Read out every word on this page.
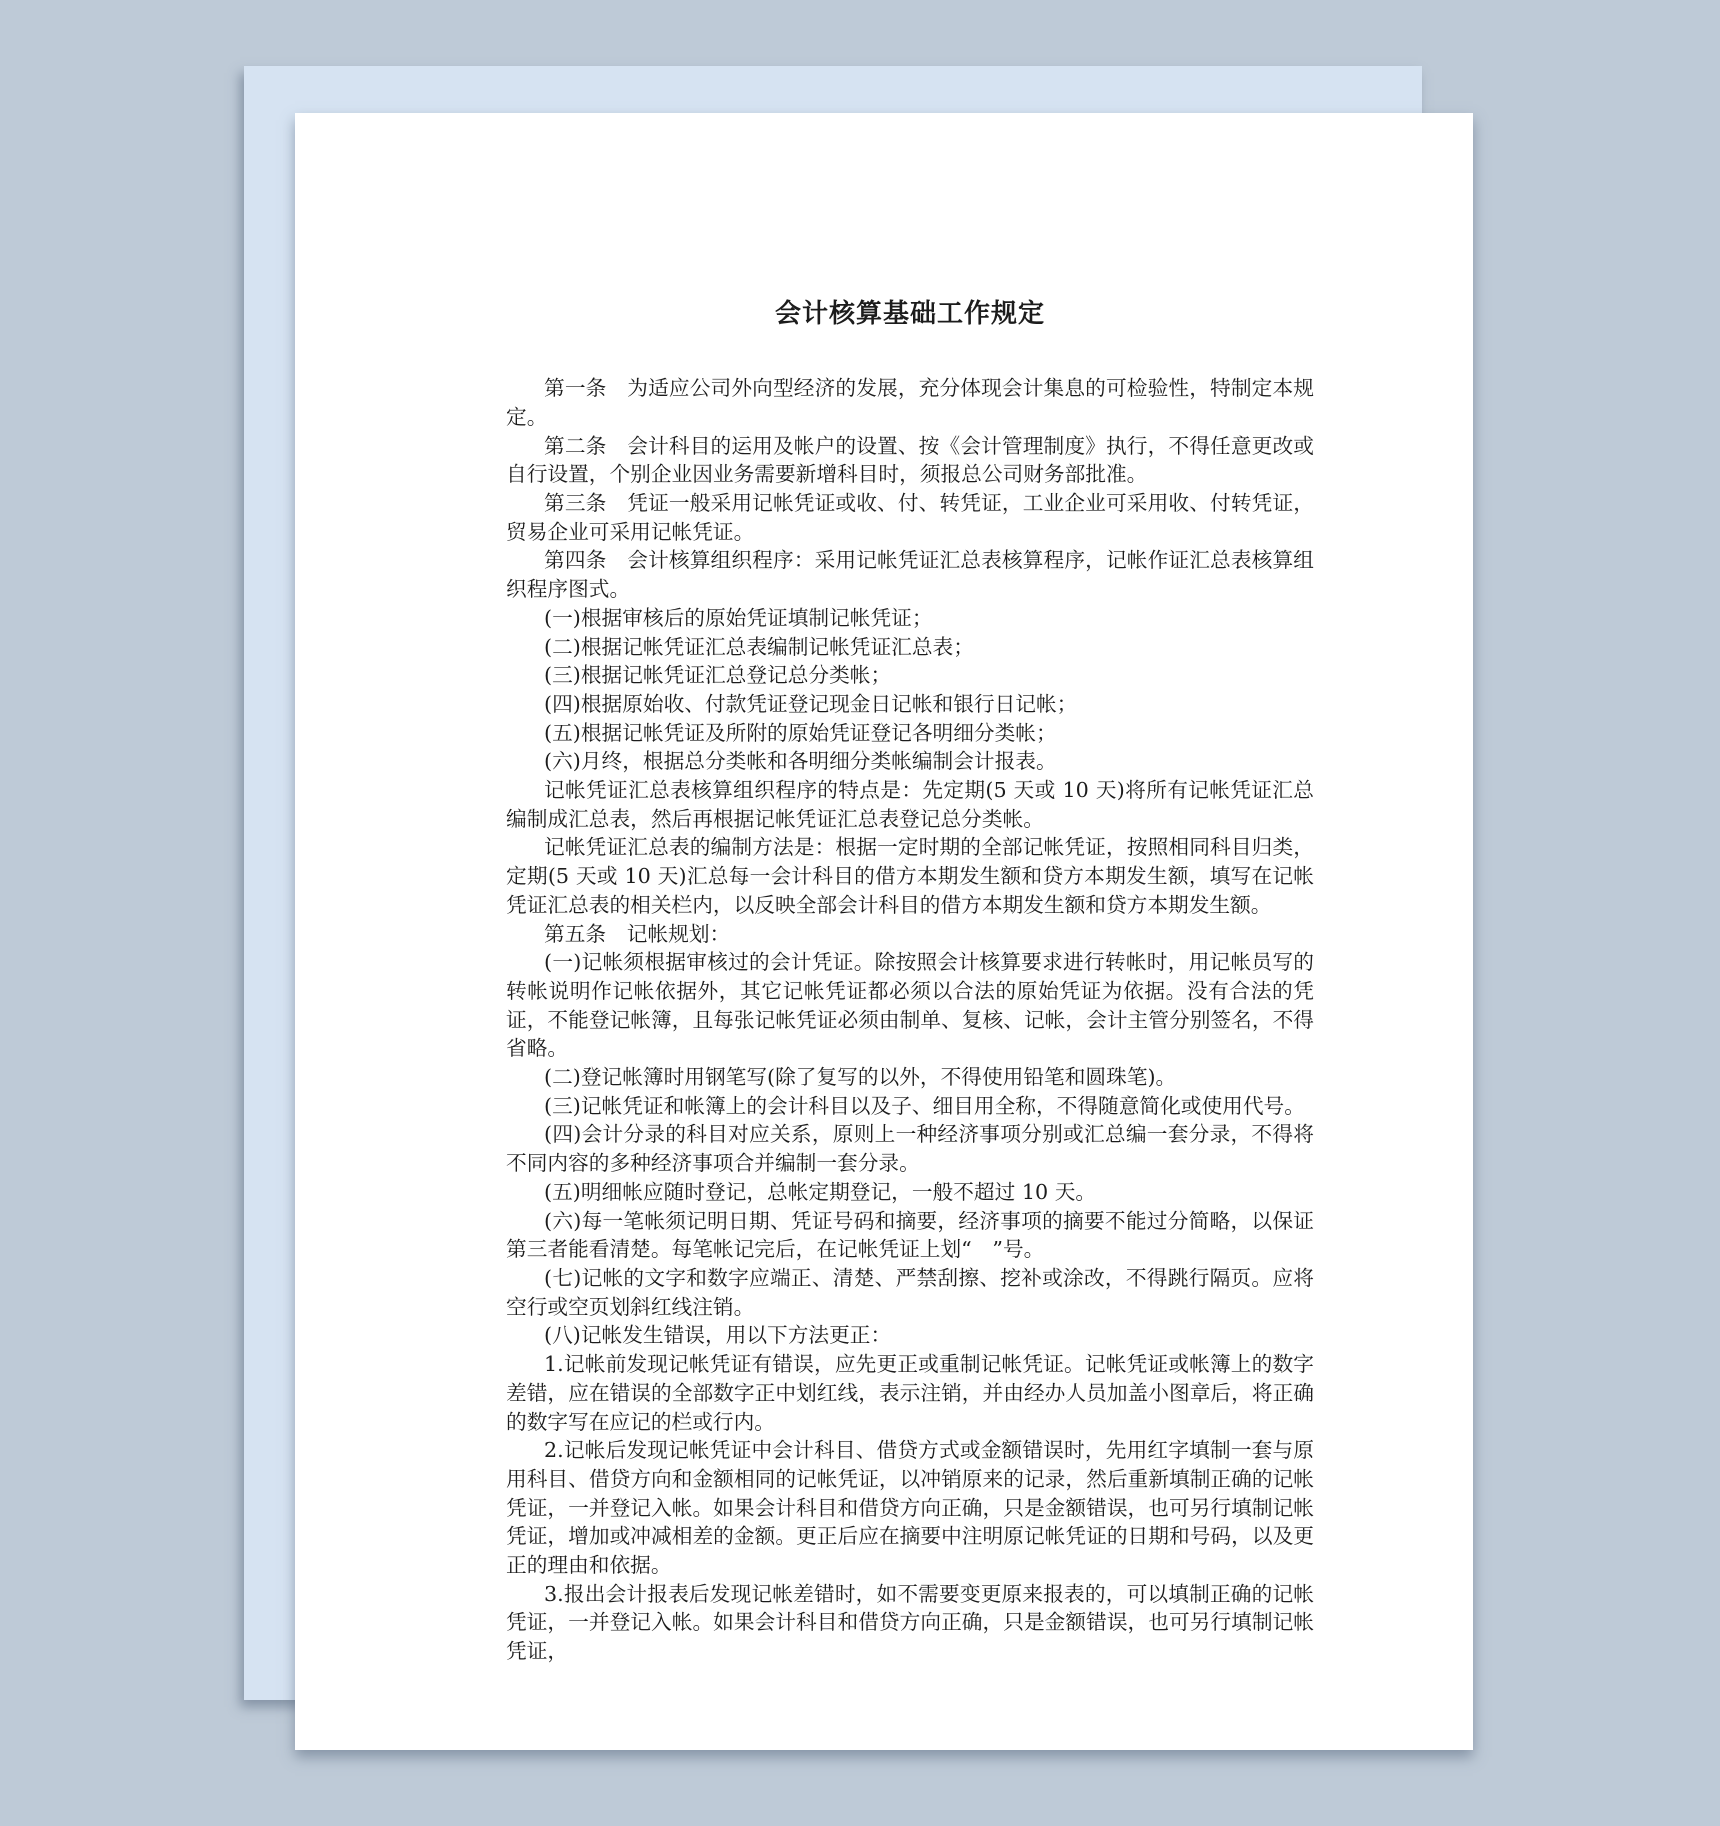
会计核算基础工作规定

第一条　为适应公司外向型经济的发展，充分体现会计集息的可检验性，特制定本规定。

第二条　会计科目的运用及帐户的设置、按《会计管理制度》执行，不得任意更改或自行设置，个别企业因业务需要新增科目时，须报总公司财务部批准。

第三条　凭证一般采用记帐凭证或收、付、转凭证，工业企业可采用收、付转凭证，贸易企业可采用记帐凭证。

第四条　会计核算组织程序：采用记帐凭证汇总表核算程序，记帐作证汇总表核算组织程序图式。

(一)根据审核后的原始凭证填制记帐凭证；

(二)根据记帐凭证汇总表编制记帐凭证汇总表；

(三)根据记帐凭证汇总登记总分类帐；

(四)根据原始收、付款凭证登记现金日记帐和银行日记帐；

(五)根据记帐凭证及所附的原始凭证登记各明细分类帐；

(六)月终，根据总分类帐和各明细分类帐编制会计报表。

记帐凭证汇总表核算组织程序的特点是：先定期(5 天或 10 天)将所有记帐凭证汇总编制成汇总表，然后再根据记帐凭证汇总表登记总分类帐。

记帐凭证汇总表的编制方法是：根据一定时期的全部记帐凭证，按照相同科目归类，定期(5 天或 10 天)汇总每一会计科目的借方本期发生额和贷方本期发生额，填写在记帐凭证汇总表的相关栏内，以反映全部会计科目的借方本期发生额和贷方本期发生额。

第五条　记帐规划：

(一)记帐须根据审核过的会计凭证。除按照会计核算要求进行转帐时，用记帐员写的转帐说明作记帐依据外，其它记帐凭证都必须以合法的原始凭证为依据。没有合法的凭证，不能登记帐簿，且每张记帐凭证必须由制单、复核、记帐，会计主管分别签名，不得省略。

(二)登记帐簿时用钢笔写(除了复写的以外，不得使用铅笔和圆珠笔)。

(三)记帐凭证和帐簿上的会计科目以及子、细目用全称，不得随意简化或使用代号。

(四)会计分录的科目对应关系，原则上一种经济事项分别或汇总编一套分录，不得将不同内容的多种经济事项合并编制一套分录。

(五)明细帐应随时登记，总帐定期登记，一般不超过 10 天。

(六)每一笔帐须记明日期、凭证号码和摘要，经济事项的摘要不能过分简略，以保证第三者能看清楚。每笔帐记完后，在记帐凭证上划“　”号。

(七)记帐的文字和数字应端正、清楚、严禁刮擦、挖补或涂改，不得跳行隔页。应将空行或空页划斜红线注销。

(八)记帐发生错误，用以下方法更正：

1.记帐前发现记帐凭证有错误，应先更正或重制记帐凭证。记帐凭证或帐簿上的数字差错，应在错误的全部数字正中划红线，表示注销，并由经办人员加盖小图章后，将正确的数字写在应记的栏或行内。

2.记帐后发现记帐凭证中会计科目、借贷方式或金额错误时，先用红字填制一套与原用科目、借贷方向和金额相同的记帐凭证，以冲销原来的记录，然后重新填制正确的记帐凭证，一并登记入帐。如果会计科目和借贷方向正确，只是金额错误，也可另行填制记帐凭证，增加或冲减相差的金额。更正后应在摘要中注明原记帐凭证的日期和号码，以及更正的理由和依据。

3.报出会计报表后发现记帐差错时，如不需要变更原来报表的，可以填制正确的记帐凭证，一并登记入帐。如果会计科目和借贷方向正确，只是金额错误，也可另行填制记帐凭证，
